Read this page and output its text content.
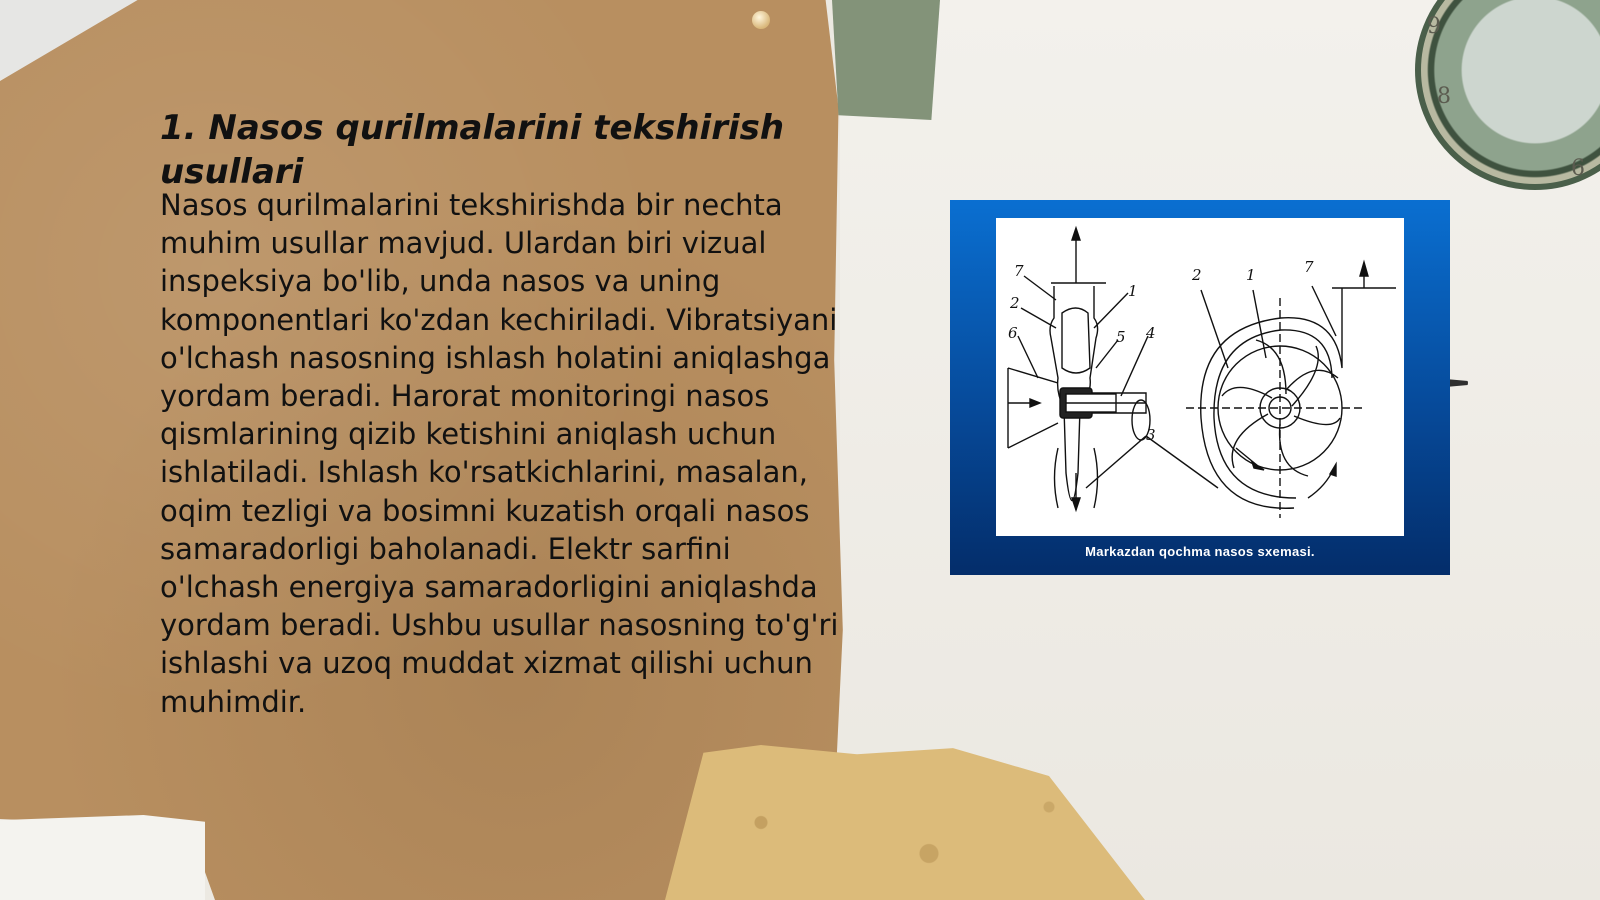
9
8
6
1. Nasos qurilmalarini tekshirish usullari

Nasos qurilmalarini tekshirishda bir nechta muhim usullar mavjud. Ulardan biri vizual inspeksiya bo'lib, unda nasos va uning komponentlari ko'zdan kechiriladi. Vibratsiyani o'lchash nasosning ishlash holatini aniqlashga yordam beradi. Harorat monitoringi nasos qismlarining qizib ketishini aniqlash uchun ishlatiladi. Ishlash ko'rsatkichlarini, masalan, oqim tezligi va bosimni kuzatish orqali nasos samaradorligi baholanadi. Elektr sarfini o'lchash energiya samaradorligini aniqlashda yordam beradi. Ushbu usullar nasosning to'g'ri ishlashi va uzoq muddat xizmat qilishi uchun muhimdir.

7
2
6
1
5 4
3
2	1	7
Markazdan qochma nasos sxemasi.
